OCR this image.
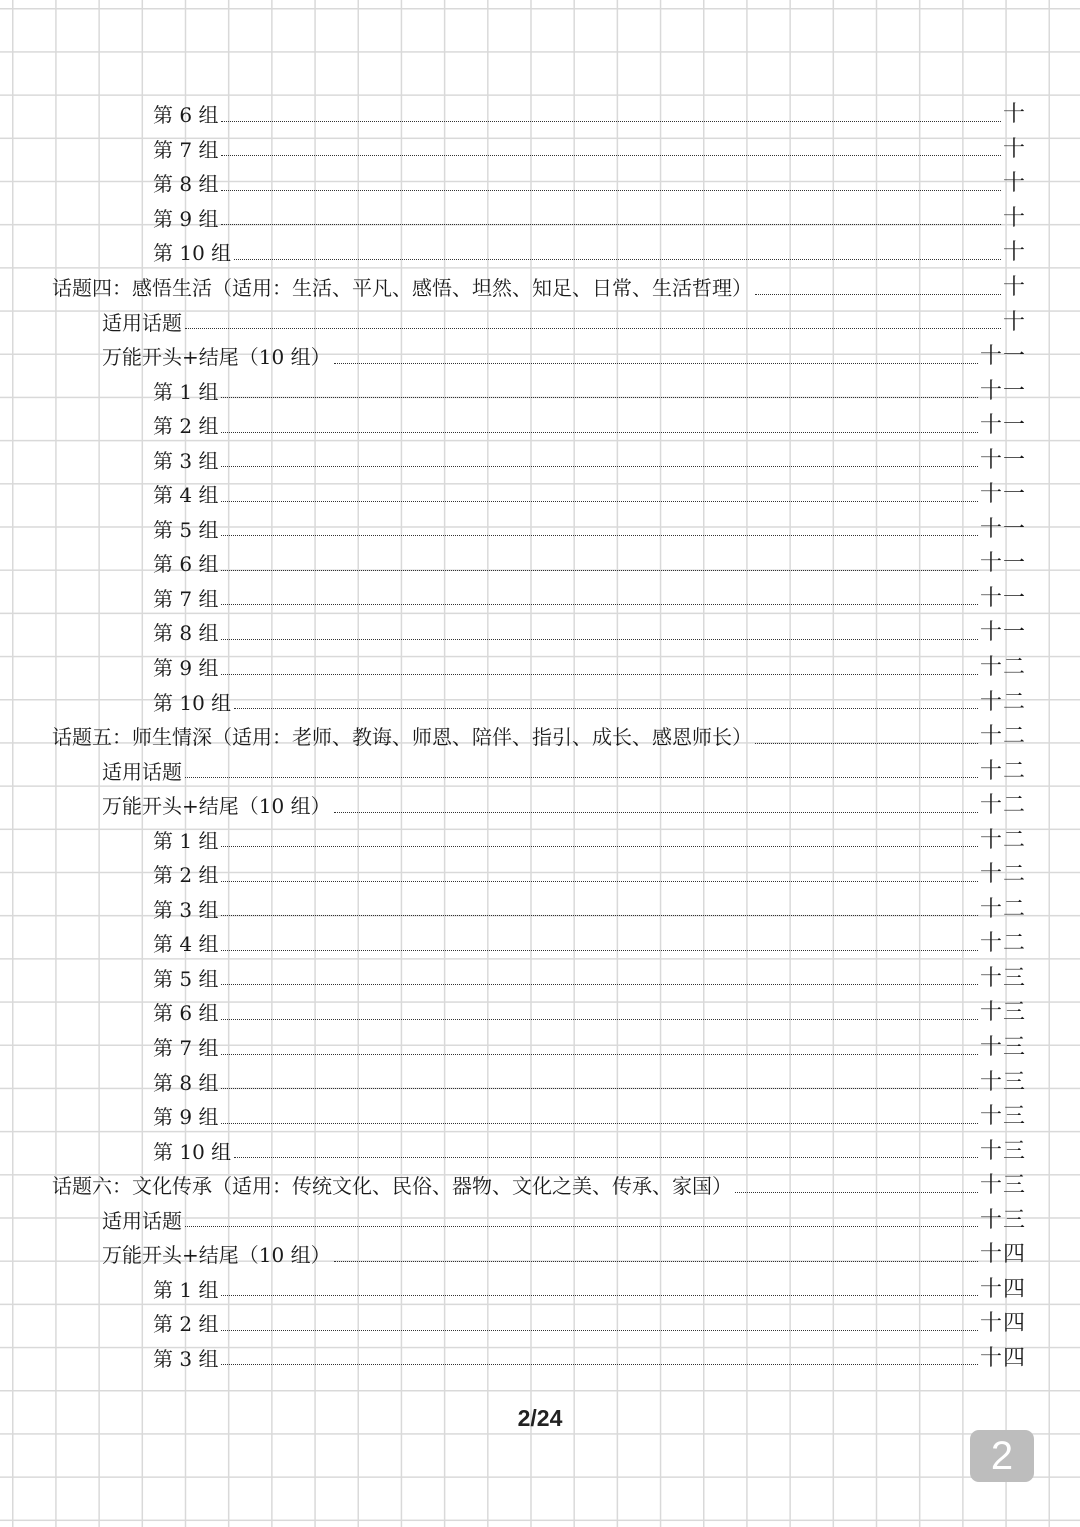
第 6 组	十
第 7 组	十
第 8 组	十
第 9 组	十
第 10 组	十
话题四：感悟生活（适用：生活、平凡、感悟、坦然、知足、日常、生活哲理）	十
适用话题	十
万能开头+结尾（10 组）	十一
第 1 组	十一
第 2 组	十一
第 3 组	十一
第 4 组	十一
第 5 组	十一
第 6 组	十一
第 7 组	十一
第 8 组	十一
第 9 组	十二
第 10 组	十二
话题五：师生情深（适用：老师、教诲、师恩、陪伴、指引、成长、感恩师长）	十二
适用话题	十二
万能开头+结尾（10 组）	十二
第 1 组	十二
第 2 组	十二
第 3 组	十二
第 4 组	十二
第 5 组	十三
第 6 组	十三
第 7 组	十三
第 8 组	十三
第 9 组	十三
第 10 组	十三
话题六：文化传承（适用：传统文化、民俗、器物、文化之美、传承、家国）	十三
适用话题	十三
万能开头+结尾（10 组）	十四
第 1 组	十四
第 2 组	十四
第 3 组	十四
2/24
2
